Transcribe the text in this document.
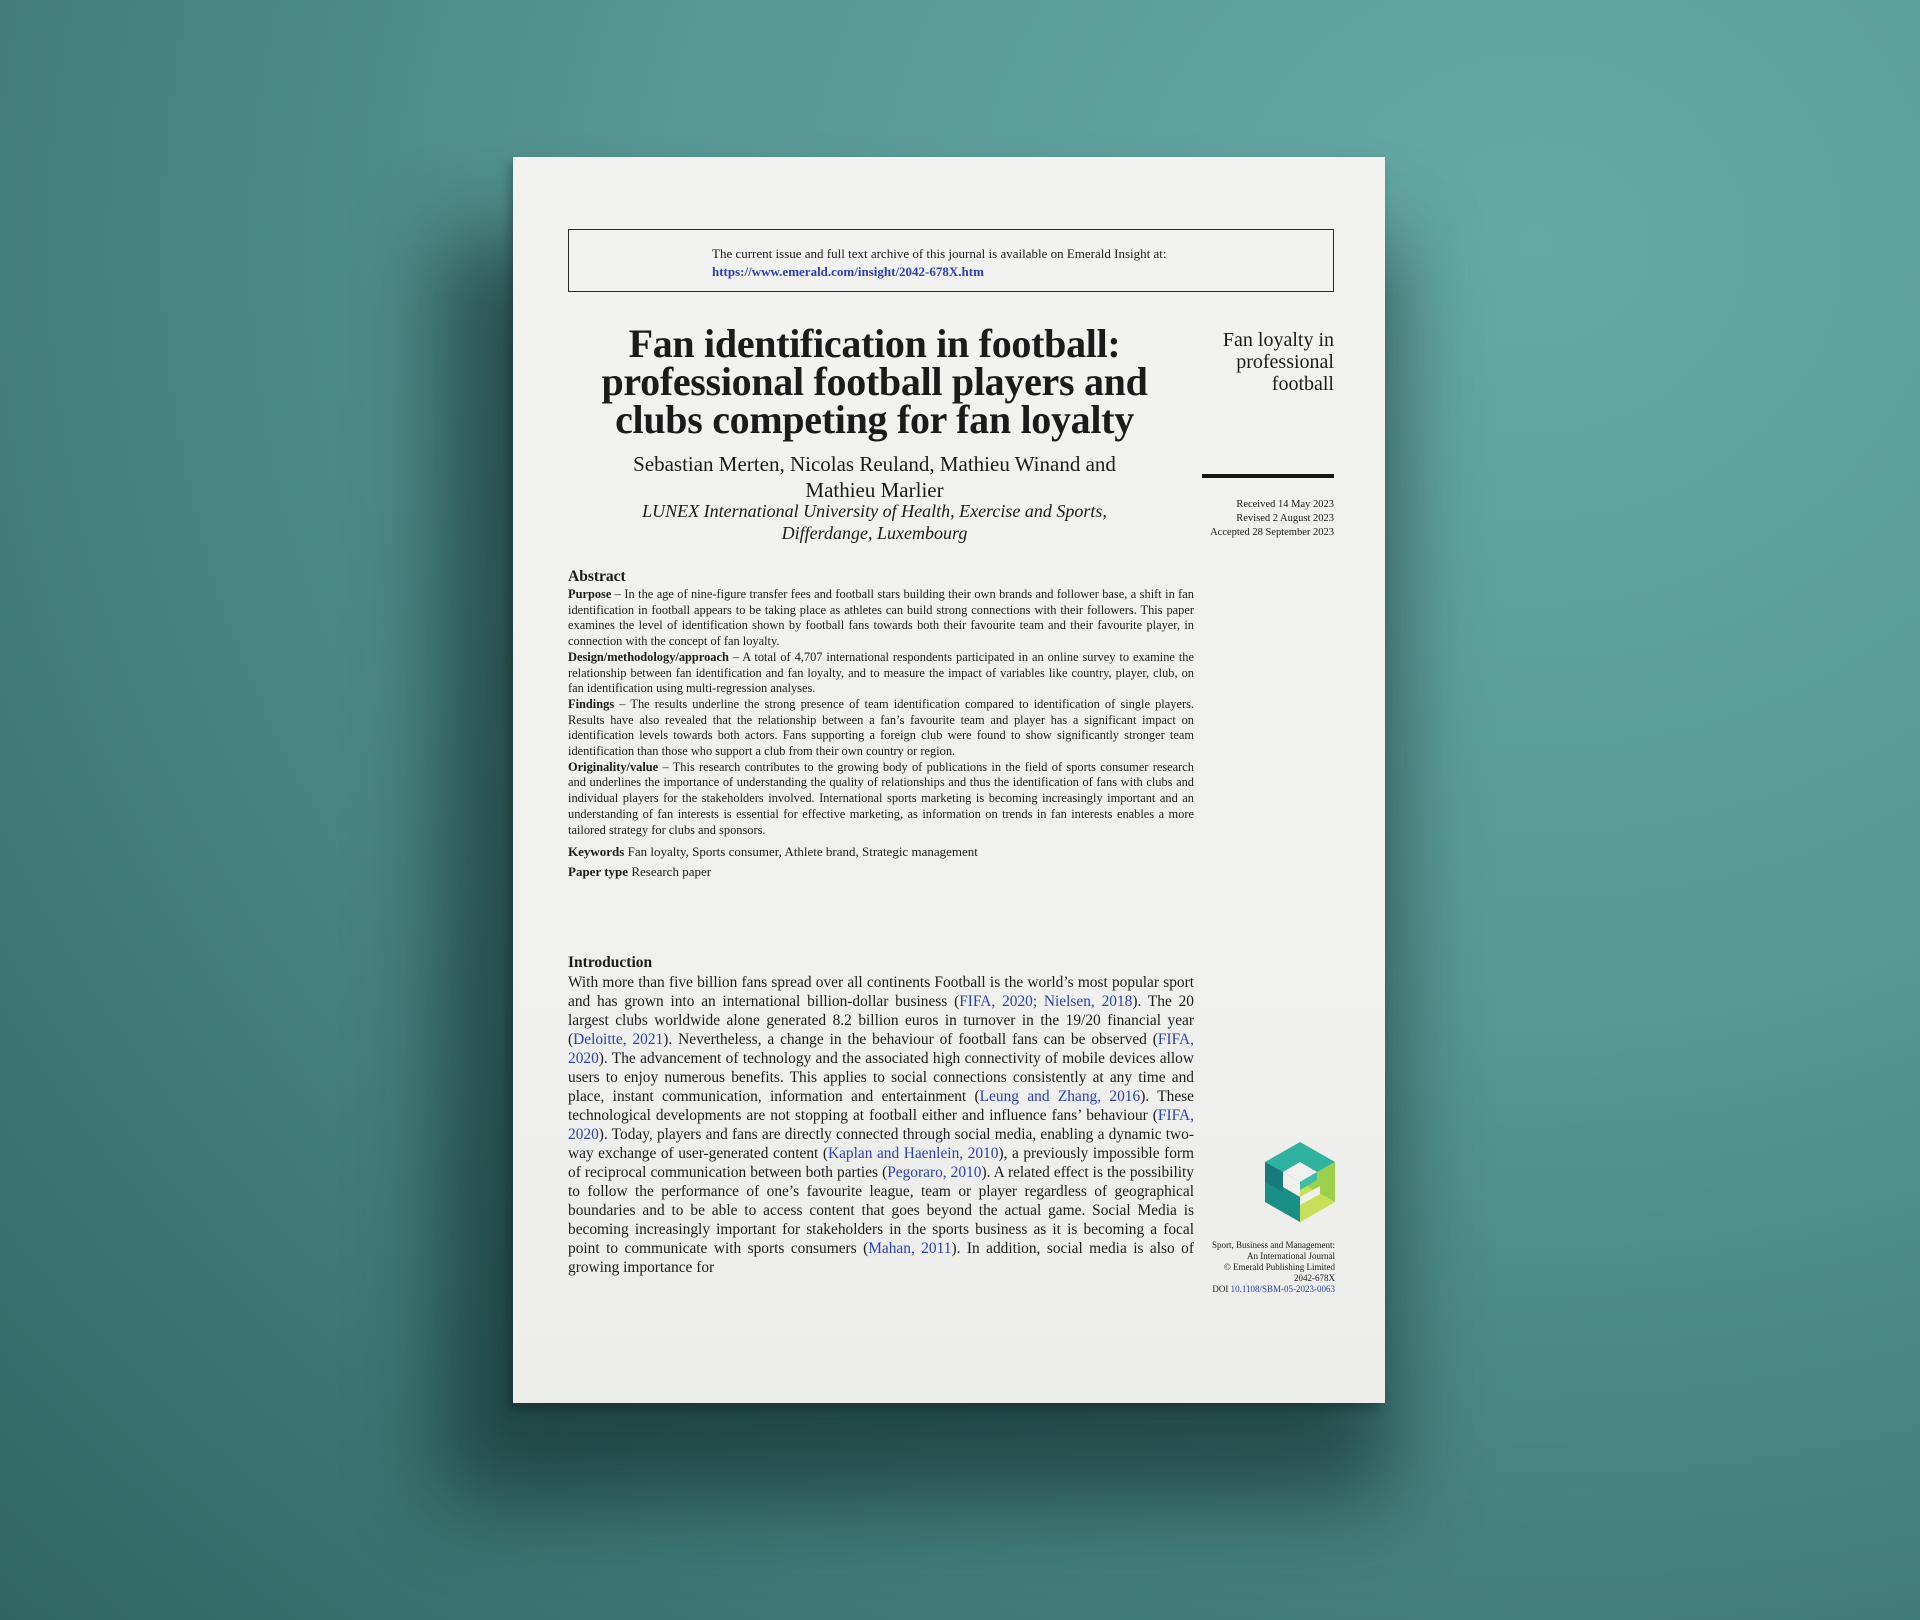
The current issue and full text archive of this journal is available on Emerald Insight at:
https://www.emerald.com/insight/2042-678X.htm
Fan identification in football:
professional football players and
clubs competing for fan loyalty
Sebastian Merten, Nicolas Reuland, Mathieu Winand and
Mathieu Marlier
LUNEX International University of Health, Exercise and Sports,
Differdange, Luxembourg
Fan loyalty in
professional
football
Received 14 May 2023
Revised 2 August 2023
Accepted 28 September 2023
Abstract

Purpose – In the age of nine-figure transfer fees and football stars building their own brands and follower base, a shift in fan identification in football appears to be taking place as athletes can build strong connections with their followers. This paper examines the level of identification shown by football fans towards both their favourite team and their favourite player, in connection with the concept of fan loyalty.

Design/methodology/approach – A total of 4,707 international respondents participated in an online survey to examine the relationship between fan identification and fan loyalty, and to measure the impact of variables like country, player, club, on fan identification using multi-regression analyses.

Findings – The results underline the strong presence of team identification compared to identification of single players. Results have also revealed that the relationship between a fan’s favourite team and player has a significant impact on identification levels towards both actors. Fans supporting a foreign club were found to show significantly stronger team identification than those who support a club from their own country or region.

Originality/value – This research contributes to the growing body of publications in the field of sports consumer research and underlines the importance of understanding the quality of relationships and thus the identification of fans with clubs and individual players for the stakeholders involved. International sports marketing is becoming increasingly important and an understanding of fan interests is essential for effective marketing, as information on trends in fan interests enables a more tailored strategy for clubs and sponsors.

Keywords Fan loyalty, Sports consumer, Athlete brand, Strategic management

Paper type Research paper

Introduction

With more than five billion fans spread over all continents Football is the world’s most popular sport and has grown into an international billion-dollar business (FIFA, 2020; Nielsen, 2018). The 20 largest clubs worldwide alone generated 8.2 billion euros in turnover in the 19/20 financial year (Deloitte, 2021). Nevertheless, a change in the behaviour of football fans can be observed (FIFA, 2020). The advancement of technology and the associated high connectivity of mobile devices allow users to enjoy numerous benefits. This applies to social connections consistently at any time and place, instant communication, information and entertainment (Leung and Zhang, 2016). These technological developments are not stopping at football either and influence fans’ behaviour (FIFA, 2020). Today, players and fans are directly connected through social media, enabling a dynamic two-way exchange of user-generated content (Kaplan and Haenlein, 2010), a previously impossible form of reciprocal communication between both parties (Pegoraro, 2010). A related effect is the possibility to follow the performance of one’s favourite league, team or player regardless of geographical boundaries and to be able to access content that goes beyond the actual game. Social Media is becoming increasingly important for stakeholders in the sports business as it is becoming a focal point to communicate with sports consumers (Mahan, 2011). In addition, social media is also of growing importance for

Sport, Business and Management:
An International Journal
© Emerald Publishing Limited
2042-678X
DOI 10.1108/SBM-05-2023-0063
